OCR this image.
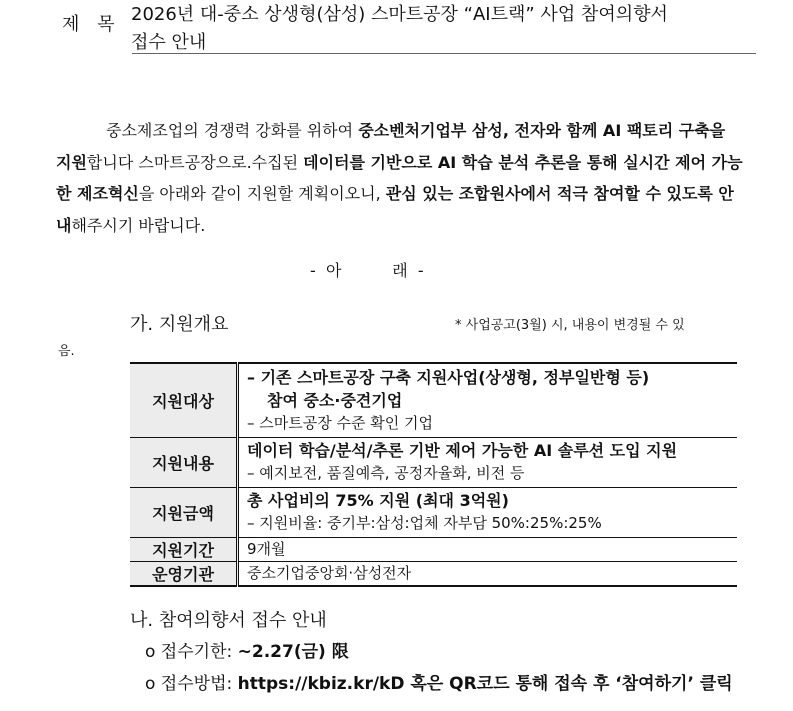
제 목 2026년 대-중소 상생형(삼성) 스마트공장 “AI트랙” 사업 참여의향서
접수 안내
중소제조업의 경쟁력 강화를 위하여 중소벤처기업부 삼성, 전자와 함께 AI 팩토리 구축을 지원합니다 스마트공장으로.수집된 데이터를 기반으로 AI 학습 분석 추론을 통해 실시간 제어 가능한 제조혁신을 아래와 같이 지원할 계획이오니, 관심 있는 조합원사에서 적극 참여할 수 있도록 안내해주시기 바랍니다.
-  아          래  -
가. 지원개요	* 사업공고(3월) 시, 내용이 변경될 수 있
음.
지원대상	– 기존 스마트공장 구축 지원사업(상생형, 정부일반형 등)
참여 중소·중견기업
– 스마트공장 수준 확인 기업

지원내용	데이터 학습/분석/추론 기반 제어 가능한 AI 솔루션 도입 지원
– 예지보전, 품질예측, 공정자율화, 비전 등

지원금액	총 사업비의 75% 지원 (최대 3억원)
– 지원비율: 중기부:삼성:업체 자부담 50%:25%:25%

지원기간	9개월
운영기관	중소기업중앙회·삼성전자
나. 참여의향서 접수 안내
o 접수기한: ~2.27(금) 限
o 접수방법: https://kbiz.kr/kD 혹은 QR코드 통해 접속 후 ‘참여하기’ 클릭
